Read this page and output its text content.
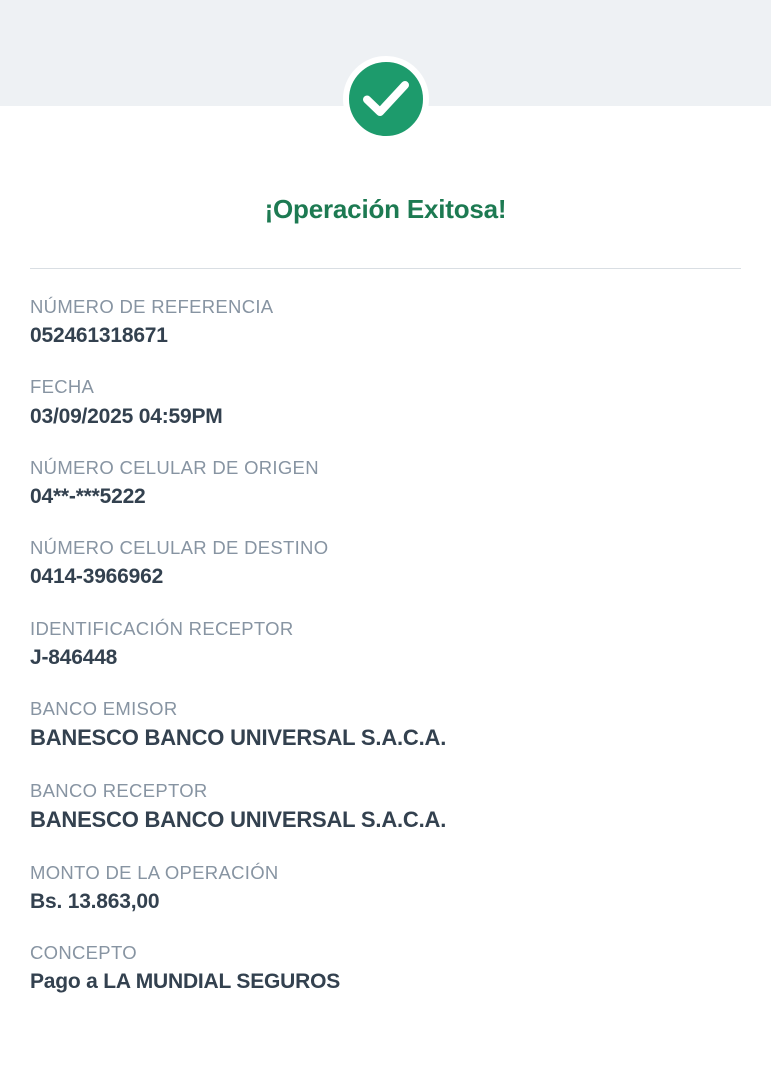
¡Operación Exitosa!
NÚMERO DE REFERENCIA
052461318671
FECHA
03/09/2025 04:59PM
NÚMERO CELULAR DE ORIGEN
04**-***5222
NÚMERO CELULAR DE DESTINO
0414-3966962
IDENTIFICACIÓN RECEPTOR
J-846448
BANCO EMISOR
BANESCO BANCO UNIVERSAL S.A.C.A.
BANCO RECEPTOR
BANESCO BANCO UNIVERSAL S.A.C.A.
MONTO DE LA OPERACIÓN
Bs. 13.863,00
CONCEPTO
Pago a LA MUNDIAL SEGUROS
